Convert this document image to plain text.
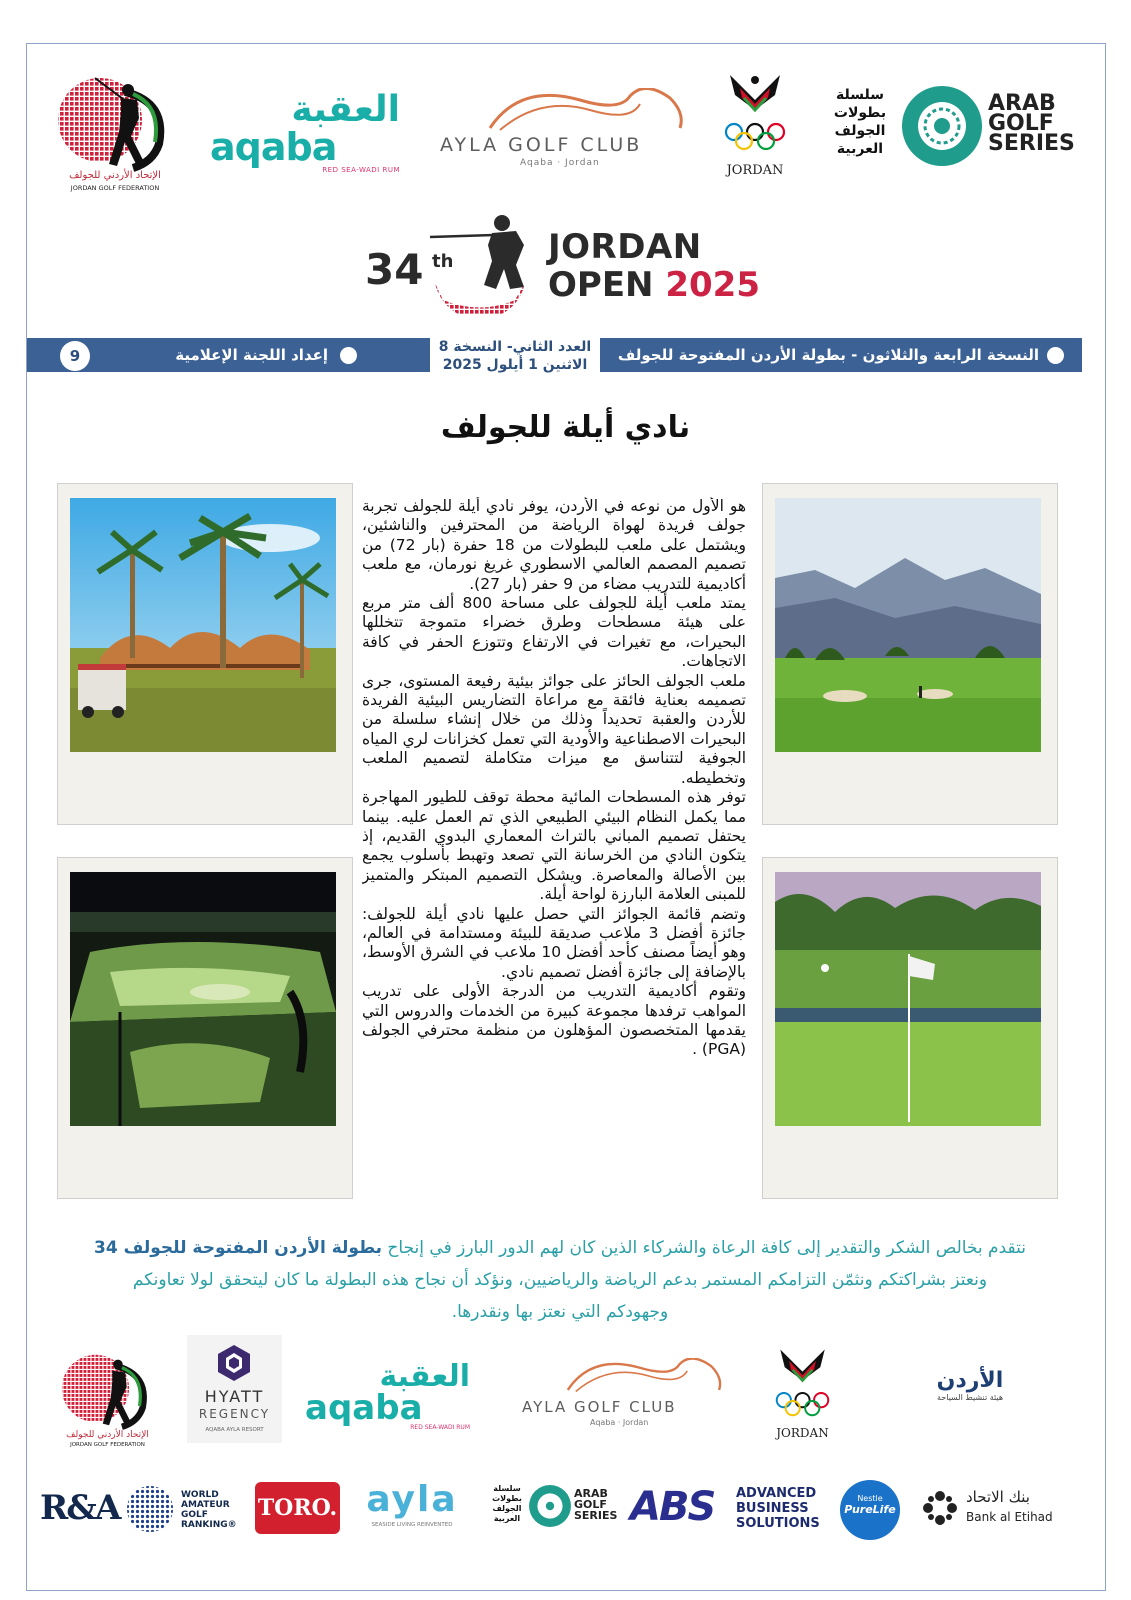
الإتحاد الأردني للجولف
JORDAN GOLF FEDERATION
العقبة
aqaba
RED SEA-WADI RUM
AYLA GOLF CLUB
Aqaba · Jordan	JORDAN
سلسلة
بطولات
الجولف
العربية
ARAB
GOLF
SERIES
34 th	JORDAN
OPEN 2025
النسخة الرابعة والثلاثون - بطولة الأردن المفتوحة للجولف
العدد الثاني- النسخة 8
الاثنين 1 أيلول 2025
إعداد اللجنة الإعلامية
9
نادي أيلة للجولف

هو الأول من نوعه في الأردن، يوفر نادي أيلة للجولف تجربة جولف فريدة لهواة الرياضة من المحترفين والناشئين، ويشتمل على ملعب للبطولات من 18 حفرة (بار 72) من تصميم المصمم العالمي الاسطوري غريغ نورمان، مع ملعب أكاديمية للتدريب مضاء من 9 حفر (بار 27).

يمتد ملعب أيلة للجولف على مساحة 800 ألف متر مربع على هيئة مسطحات وطرق خضراء متموجة تتخللها البحيرات، مع تغيرات في الارتفاع وتتوزع الحفر في كافة الاتجاهات.

ملعب الجولف الحائز على جوائز بيئية رفيعة المستوى، جرى تصميمه بعناية فائقة مع مراعاة التضاريس البيئية الفريدة للأردن والعقبة تحديداً وذلك من خلال إنشاء سلسلة من البحيرات الاصطناعية والأودية التي تعمل كخزانات لري المياه الجوفية لتتناسق مع ميزات متكاملة لتصميم الملعب وتخطيطه.

توفر هذه المسطحات المائية محطة توقف للطيور المهاجرة مما يكمل النظام البيئي الطبيعي الذي تم العمل عليه. بينما يحتفل تصميم المباني بالتراث المعماري البدوي القديم، إذ يتكون النادي من الخرسانة التي تصعد وتهبط بأسلوب يجمع بين الأصالة والمعاصرة. ويشكل التصميم المبتكر والمتميز للمبنى العلامة البارزة لواحة أيلة.

وتضم قائمة الجوائز التي حصل عليها نادي أيلة للجولف: جائزة أفضل 3 ملاعب صديقة للبيئة ومستدامة في العالم، وهو أيضاً مصنف كأحد أفضل 10 ملاعب في الشرق الأوسط، بالإضافة إلى جائزة أفضل تصميم نادي.

وتقوم أكاديمية التدريب من الدرجة الأولى على تدريب المواهب ترفدها مجموعة كبيرة من الخدمات والدروس التي يقدمها المتخصصون المؤهلون من منظمة محترفي الجولف (PGA) .

نتقدم بخالص الشكر والتقدير إلى كافة الرعاة والشركاء الذين كان لهم الدور البارز في إنجاح بطولة الأردن المفتوحة للجولف 34
ونعتز بشراكتكم ونثمّن التزامكم المستمر بدعم الرياضة والرياضيين، ونؤكد أن نجاح هذه البطولة ما كان ليتحقق لولا تعاونكم
وجهودكم التي نعتز بها ونقدرها.
الإتحاد الأردني للجولف
JORDAN GOLF FEDERATION
HYATT
REGENCY
AQABA AYLA RESORT
العقبة
aqaba
RED SEA-WADI RUM
AYLA GOLF CLUB
Aqaba · Jordan
JORDAN
الأردن
هيئة تنشيط السياحة
R&A	WORLD
AMATEUR
GOLF
RANKING®
TORO. ayla
SEASIDE LIVING REINVENTED
سلسلة
بطولات
الجولف
العربية
ARAB
GOLF
SERIES ABS ADVANCED
BUSINESS
SOLUTIONS
Nestle
PureLife
بنك الاتحاد
Bank al Etihad
